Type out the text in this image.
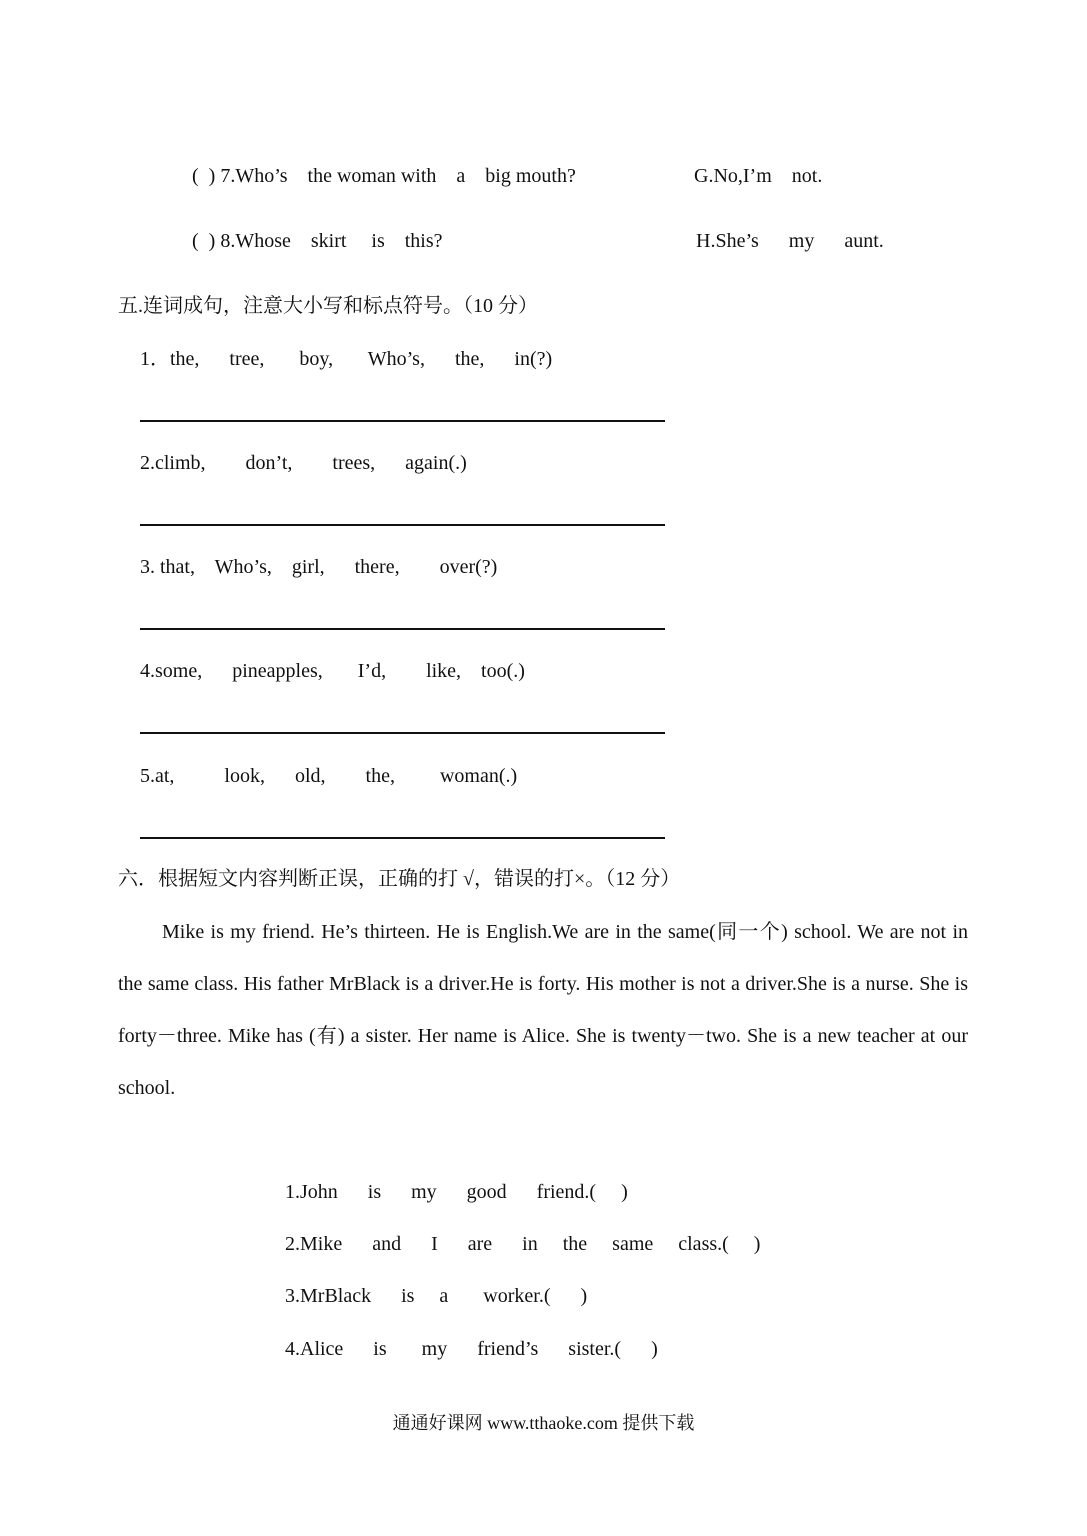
(  ) 7.Who’s    the woman with    a    big mouth?	G.No,I’m    not.
(  ) 8.Whose    skirt     is    this?	H.She’s      my      aunt.
五.连词成句，注意大小写和标点符号。（10 分）
1．the,      tree,       boy,       Who’s,      the,      in(?)
2.climb,        don’t,        trees,      again(.)
3. that,    Who’s,    girl,      there,        over(?)
4.some,      pineapples,       I’d,        like,    too(.)
5.at,          look,      old,        the,         woman(.)
六．根据短文内容判断正误，正确的打 √，错误的打×。（12 分）
Mike is my friend. He’s thirteen. He is English.We are in the same(同一个) school. We are not in the same class. His father MrBlack is a driver.He is forty. His mother is not a driver.She is a nurse. She is forty－three. Mike has (有) a sister. Her name is Alice. She is twenty－two. She is a new teacher at our school.
1.John      is      my      good      friend.(     )
2.Mike      and      I      are      in     the     same     class.(     )
3.MrBlack      is     a       worker.(      )
4.Alice      is       my      friend’s      sister.(      )
通通好课网 www.tthaoke.com 提供下载
